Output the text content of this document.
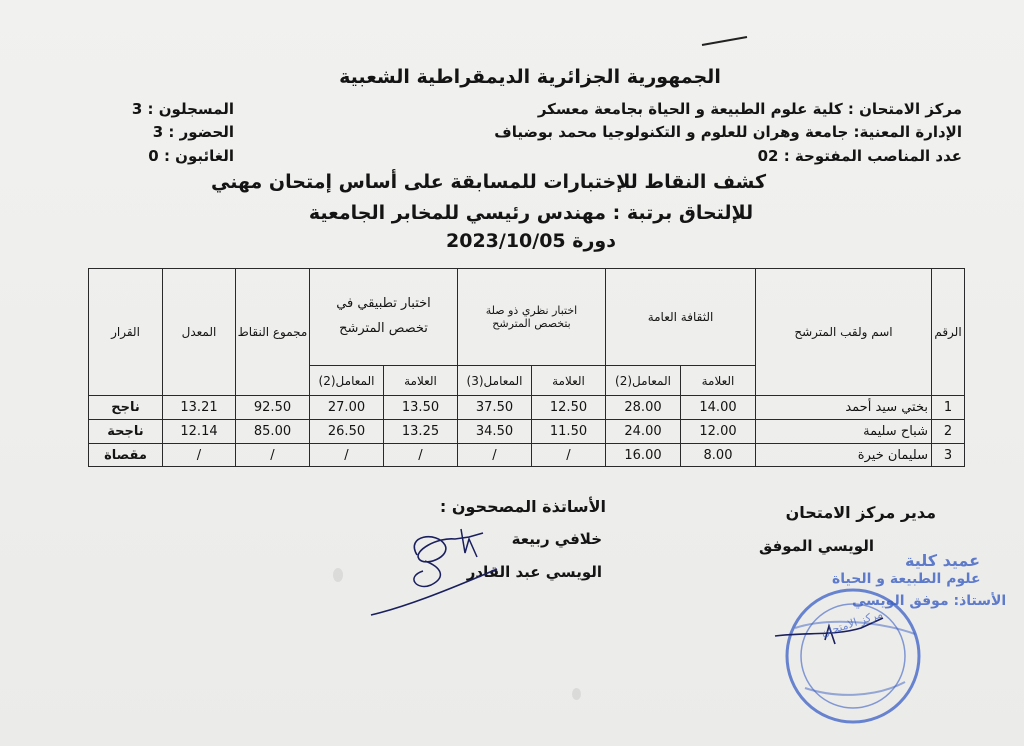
الجمهورية الجزائرية الديمقراطية الشعبية
مركز الامتحان : كلية علوم الطبيعة و الحياة بجامعة معسكر
الإدارة المعنية: جامعة وهران للعلوم و التكنولوجيا محمد بوضياف
عدد المناصب المفتوحة : 02
المسجلون : 3
الحضور : 3
الغائبون : 0
كشف النقاط للإختبارات للمسابقة على أساس إمتحان مهني
للإلتحاق برتبة : مهندس رئيسي للمخابر الجامعية
دورة 2023/10/05
الرقم	اسم ولقب المترشح	الثقافة العامة		اختبار نظري ذو صلة بتخصص المترشح		اختبار تطبيقي في تخصص المترشح		مجموع النقاط	المعدل	القرار
		العلامة	المعامل(2)	العلامة	المعامل(3)	العلامة	المعامل(2)			
1	بختي سيد أحمد	14.00	28.00	12.50	37.50	13.50	27.00	92.50	13.21	ناجح
2	شباح سليمة	12.00	24.00	11.50	34.50	13.25	26.50	85.00	12.14	ناجحة
3	سليمان خيرة	8.00	16.00	/	/	/	/	/	/	مقصاة
مدير مركز الامتحان
الويسي الموفق
الأساتذة المصححون :
خلافي ربيعة
الويسي عبد القادر
عميد كلية
علوم الطبيعة و الحياة
الأستاذ: موفق الويسي
مركز الامتحان
